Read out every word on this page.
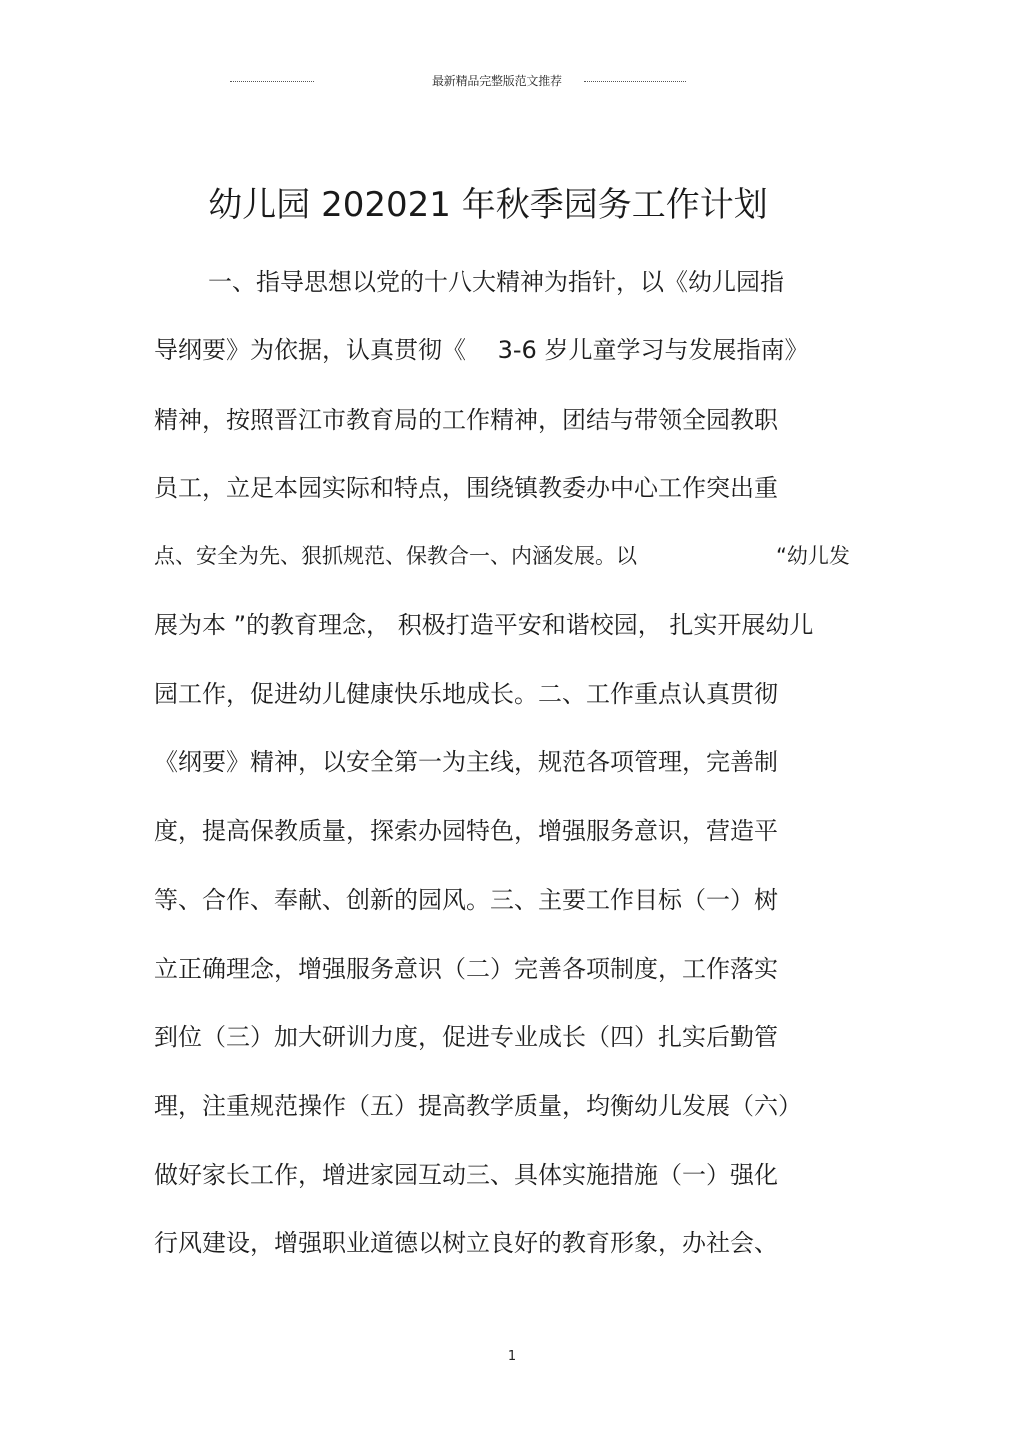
最新精品完整版范文推荐
幼儿园 202021 年秋季园务工作计划
一、指导思想以党的十八大精神为指针，以《幼儿园指
导纲要》为依据，认真贯彻《　 3-6 岁儿童学习与发展指南》
精神，按照晋江市教育局的工作精神，团结与带领全园教职
员工，立足本园实际和特点，围绕镇教委办中心工作突出重
点、安全为先、狠抓规范、保教合一、内涵发展。以	“幼儿发
展为本 ”的教育理念， 积极打造平安和谐校园， 扎实开展幼儿
园工作，促进幼儿健康快乐地成长。二、工作重点认真贯彻
《纲要》精神，以安全第一为主线，规范各项管理，完善制
度，提高保教质量，探索办园特色，增强服务意识，营造平
等、合作、奉献、创新的园风。三、主要工作目标（一）树
立正确理念，增强服务意识（二）完善各项制度，工作落实
到位（三）加大研训力度，促进专业成长（四）扎实后勤管
理，注重规范操作（五）提高教学质量，均衡幼儿发展（六）
做好家长工作，增进家园互动三、具体实施措施（一）强化
行风建设，增强职业道德以树立良好的教育形象，办社会、
1
